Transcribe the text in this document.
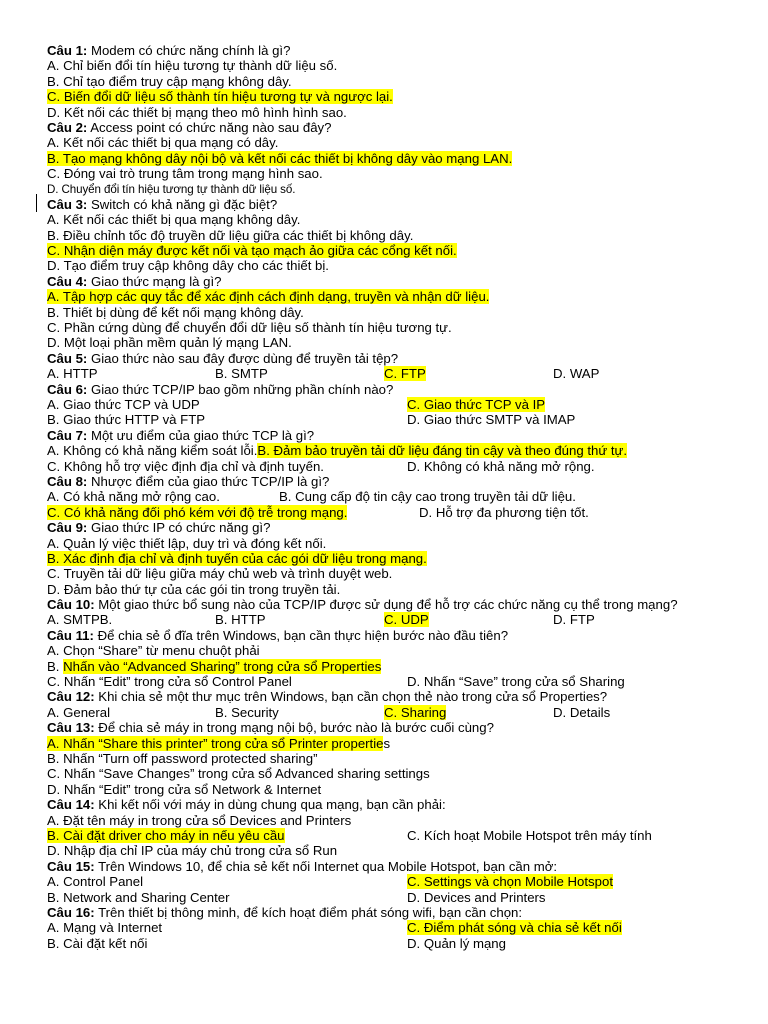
Câu 1: Modem có chức năng chính là gì?
A. Chỉ biến đổi tín hiệu tương tự thành dữ liệu số.
B. Chỉ tạo điểm truy cập mạng không dây.
C. Biến đổi dữ liệu số thành tín hiệu tương tự và ngược lại.
D. Kết nối các thiết bị mạng theo mô hình hình sao.
Câu 2: Access point có chức năng nào sau đây?
A. Kết nối các thiết bị qua mạng có dây.
B. Tạo mạng không dây nội bộ và kết nối các thiết bị không dây vào mạng LAN.
C. Đóng vai trò trung tâm trong mạng hình sao.
D. Chuyển đổi tín hiệu tương tự thành dữ liệu số.
Câu 3: Switch có khả năng gì đặc biệt?
A. Kết nối các thiết bị qua mạng không dây.
B. Điều chỉnh tốc độ truyền dữ liệu giữa các thiết bị không dây.
C. Nhận diện máy được kết nối và tạo mạch ảo giữa các cổng kết nối.
D. Tạo điểm truy cập không dây cho các thiết bị.
Câu 4: Giao thức mạng là gì?
A. Tập hợp các quy tắc để xác định cách định dạng, truyền và nhận dữ liệu.
B. Thiết bị dùng để kết nối mạng không dây.
C. Phần cứng dùng để chuyển đổi dữ liệu số thành tín hiệu tương tự.
D. Một loại phần mềm quản lý mạng LAN.
Câu 5: Giao thức nào sau đây được dùng để truyền tải tệp?
A. HTTP	B. SMTP	C. FTP	D. WAP
Câu 6: Giao thức TCP/IP bao gồm những phần chính nào?
A. Giao thức TCP và UDP	C. Giao thức TCP và IP
B. Giao thức HTTP và FTP	D. Giao thức SMTP và IMAP
Câu 7: Một ưu điểm của giao thức TCP là gì?
A. Không có khả năng kiểm soát lỗi.B. Đảm bảo truyền tải dữ liệu đáng tin cậy và theo đúng thứ tự.
C. Không hỗ trợ việc định địa chỉ và định tuyến.	D. Không có khả năng mở rộng.
Câu 8: Nhược điểm của giao thức TCP/IP là gì?
A. Có khả năng mở rộng cao.	B. Cung cấp độ tin cậy cao trong truyền tải dữ liệu.
C. Có khả năng đối phó kém với độ trễ trong mạng.	D. Hỗ trợ đa phương tiện tốt.
Câu 9: Giao thức IP có chức năng gì?
A. Quản lý việc thiết lập, duy trì và đóng kết nối.
B. Xác định địa chỉ và định tuyến của các gói dữ liệu trong mạng.
C. Truyền tải dữ liệu giữa máy chủ web và trình duyệt web.
D. Đảm bảo thứ tự của các gói tin trong truyền tải.
Câu 10: Một giao thức bổ sung nào của TCP/IP được sử dụng để hỗ trợ các chức năng cụ thể trong mạng?
A. SMTPB.	B. HTTP	C. UDP	D. FTP
Câu 11: Để chia sẻ ổ đĩa trên Windows, bạn cần thực hiện bước nào đầu tiên?
A. Chọn “Share” từ menu chuột phải
B. Nhấn vào “Advanced Sharing” trong cửa sổ Properties
C. Nhấn “Edit” trong cửa sổ Control Panel	D. Nhấn “Save” trong cửa sổ Sharing
Câu 12: Khi chia sẻ một thư mục trên Windows, bạn cần chọn thẻ nào trong cửa sổ Properties?
A. General	B. Security	C. Sharing	D. Details
Câu 13: Để chia sẻ máy in trong mạng nội bộ, bước nào là bước cuối cùng?
A. Nhấn “Share this printer” trong cửa sổ Printer properties
B. Nhấn “Turn off password protected sharing”
C. Nhấn “Save Changes” trong cửa sổ Advanced sharing settings
D. Nhấn “Edit” trong cửa sổ Network & Internet
Câu 14: Khi kết nối với máy in dùng chung qua mạng, bạn cần phải:
A. Đặt tên máy in trong cửa sổ Devices and Printers
B. Cài đặt driver cho máy in nếu yêu cầu	C. Kích hoạt Mobile Hotspot trên máy tính
D. Nhập địa chỉ IP của máy chủ trong cửa sổ Run
Câu 15: Trên Windows 10, để chia sẻ kết nối Internet qua Mobile Hotspot, bạn cần mở:
A. Control Panel	C. Settings và chọn Mobile Hotspot
B. Network and Sharing Center	D. Devices and Printers
Câu 16: Trên thiết bị thông minh, để kích hoạt điểm phát sóng wifi, bạn cần chọn:
A. Mạng và Internet	C. Điểm phát sóng và chia sẻ kết nối
B. Cài đặt kết nối	D. Quản lý mạng
